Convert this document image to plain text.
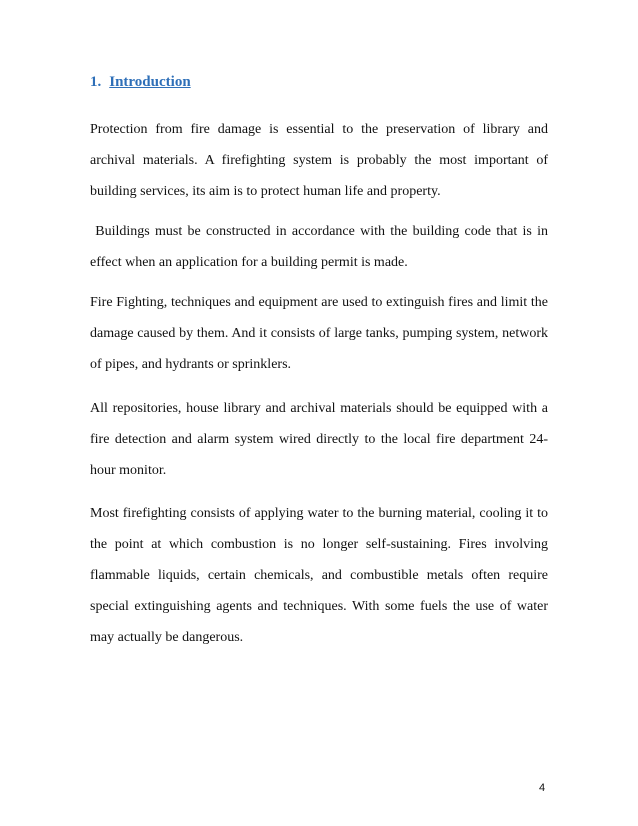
1. Introduction

Protection from fire damage is essential to the preservation of library and archival materials. A firefighting system is probably the most important of building services, its aim is to protect human life and property.

Buildings must be constructed in accordance with the building code that is in effect when an application for a building permit is made.

Fire Fighting, techniques and equipment are used to extinguish fires and limit the damage caused by them. And it consists of large tanks, pumping system, network of pipes, and hydrants or sprinklers.

All repositories, house library and archival materials should be equipped with a fire detection and alarm system wired directly to the local fire department 24-hour monitor.

Most firefighting consists of applying water to the burning material, cooling it to the point at which combustion is no longer self-sustaining. Fires involving flammable liquids, certain chemicals, and combustible metals often require special extinguishing agents and techniques. With some fuels the use of water may actually be dangerous.

4
